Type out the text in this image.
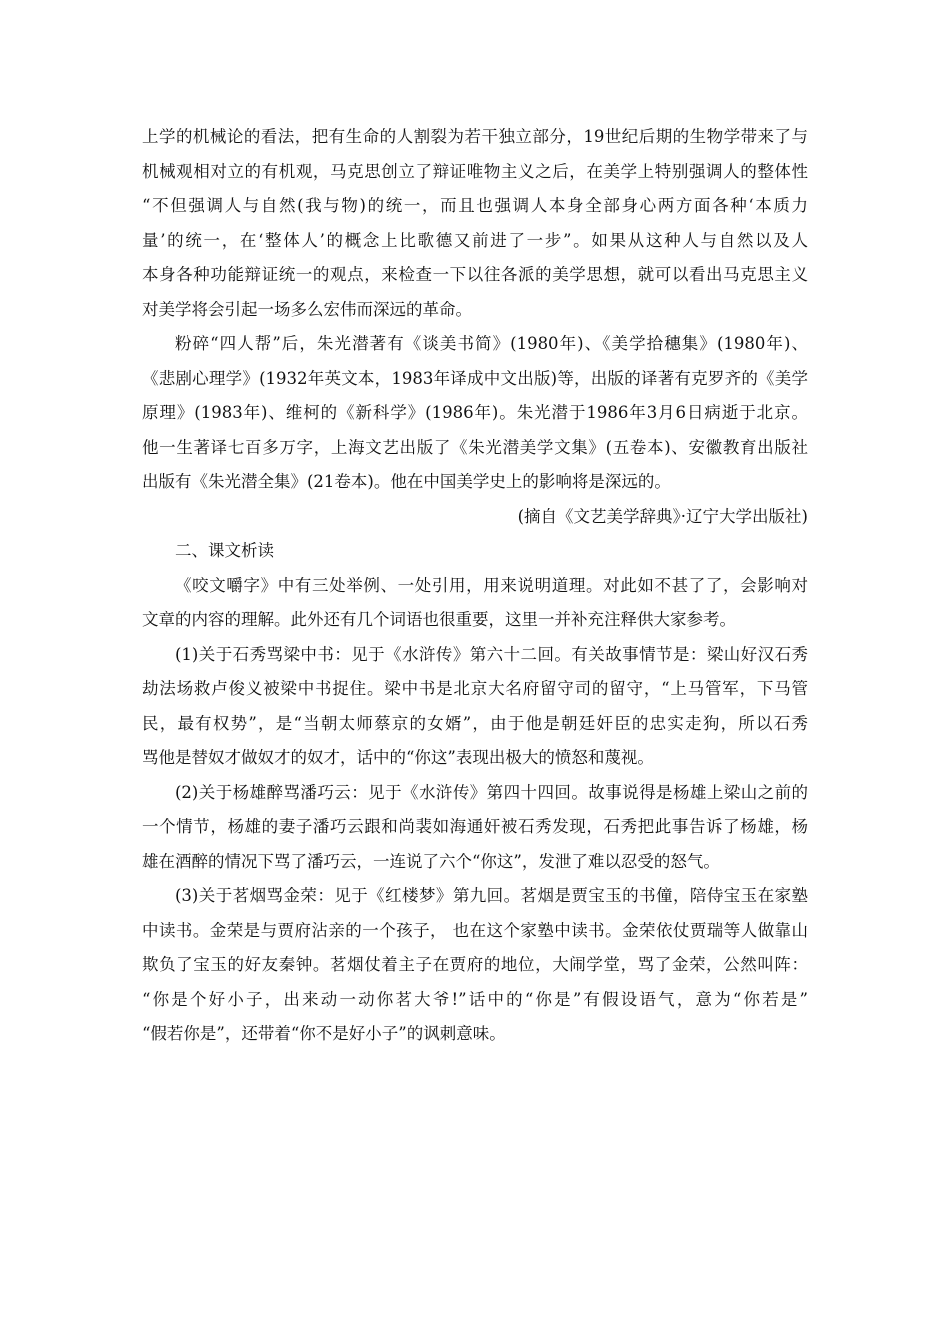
上学的机械论的看法，把有生命的人割裂为若干独立部分，19世纪后期的生物学带来了与
机械观相对立的有机观，马克思创立了辩证唯物主义之后，在美学上特别强调人的整体性
“不但强调人与自然(我与物)的统一，而且也强调人本身全部身心两方面各种‘本质力
量’的统一，在‘整体人’的概念上比歌德又前进了一步”。如果从这种人与自然以及人
本身各种功能辩证统一的观点，来检查一下以往各派的美学思想，就可以看出马克思主义
对美学将会引起一场多么宏伟而深远的革命。
粉碎“四人帮”后，朱光潜著有《谈美书简》(1980年)、《美学拾穗集》(1980年)、
《悲剧心理学》(1932年英文本，1983年译成中文出版)等，出版的译著有克罗齐的《美学
原理》(1983年)、维柯的《新科学》(1986年)。朱光潜于1986年3月6日病逝于北京。
他一生著译七百多万字，上海文艺出版了《朱光潜美学文集》(五卷本)、安徽教育出版社
出版有《朱光潜全集》(21卷本)。他在中国美学史上的影响将是深远的。
(摘自《文艺美学辞典》·辽宁大学出版社)
二、课文析读
《咬文嚼字》中有三处举例、一处引用，用来说明道理。对此如不甚了了，会影响对
文章的内容的理解。此外还有几个词语也很重要，这里一并补充注释供大家参考。
(1)关于石秀骂梁中书：见于《水浒传》第六十二回。有关故事情节是：梁山好汉石秀
劫法场救卢俊义被梁中书捉住。梁中书是北京大名府留守司的留守，“上马管军，下马管
民，最有权势”，是“当朝太师蔡京的女婿”，由于他是朝廷奸臣的忠实走狗，所以石秀
骂他是替奴才做奴才的奴才，话中的“你这”表现出极大的愤怒和蔑视。
(2)关于杨雄醉骂潘巧云：见于《水浒传》第四十四回。故事说得是杨雄上梁山之前的
一个情节，杨雄的妻子潘巧云跟和尚裴如海通奸被石秀发现，石秀把此事告诉了杨雄，杨
雄在酒醉的情况下骂了潘巧云，一连说了六个“你这”，发泄了难以忍受的怒气。
(3)关于茗烟骂金荣：见于《红楼梦》第九回。茗烟是贾宝玉的书僮，陪侍宝玉在家塾
中读书。金荣是与贾府沾亲的一个孩子， 也在这个家塾中读书。金荣依仗贾瑞等人做靠山
欺负了宝玉的好友秦钟。茗烟仗着主子在贾府的地位，大闹学堂，骂了金荣，公然叫阵：
“你是个好小子，出来动一动你茗大爷!”话中的“你是”有假设语气，意为“你若是”
“假若你是”，还带着“你不是好小子”的讽刺意味。
